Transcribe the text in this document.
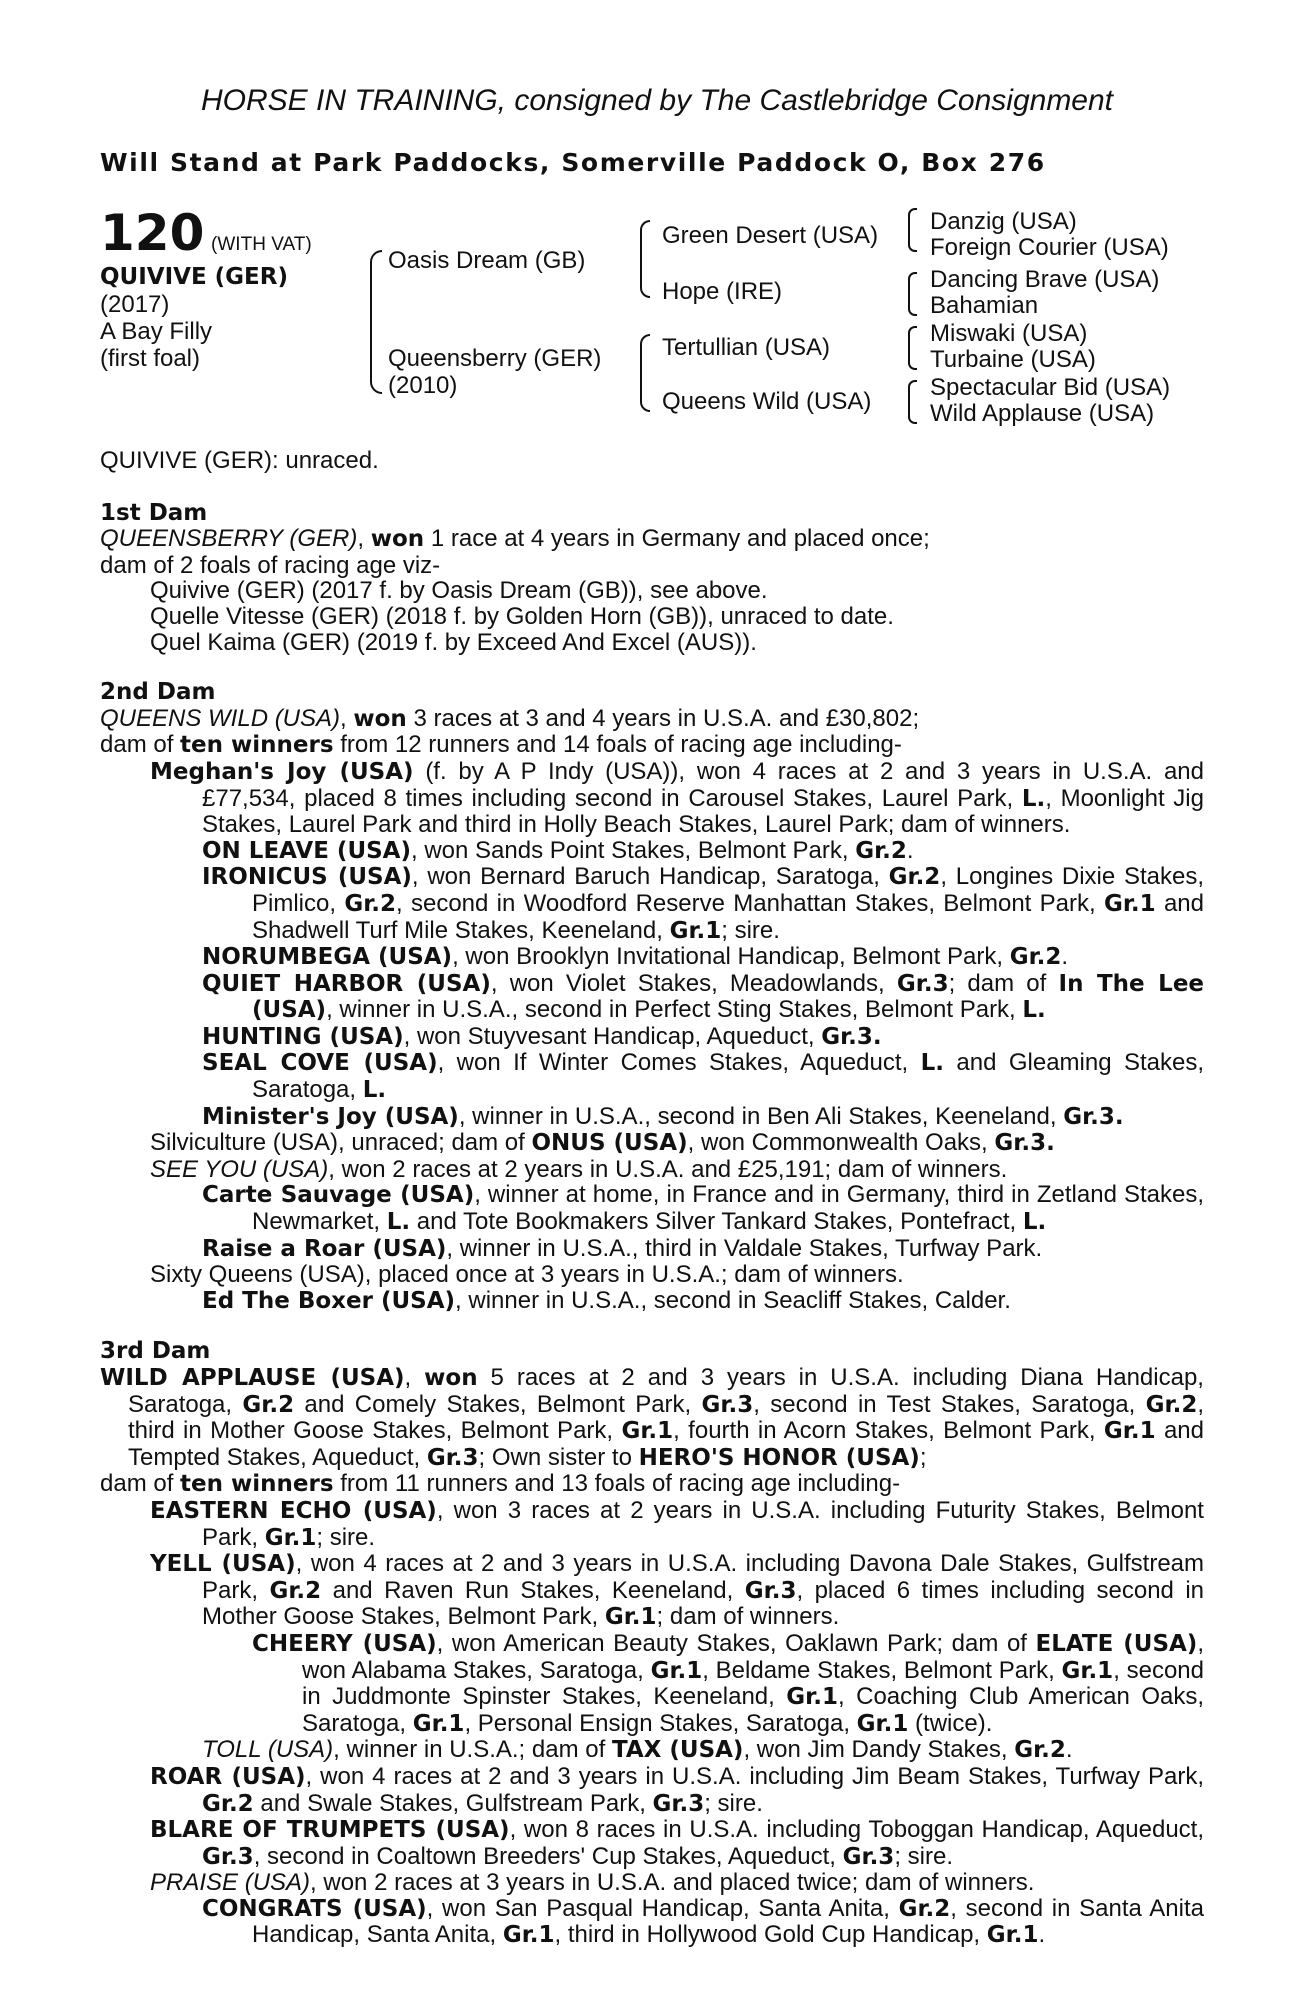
HORSE IN TRAINING, consigned by The Castlebridge Consignment
Will Stand at Park Paddocks, Somerville Paddock O, Box 276
120 (WITH VAT)
QUIVIVE (GER)
(2017)
A Bay Filly
(first foal)
Oasis Dream (GB)
Queensberry (GER)
(2010)
Green Desert (USA)
Hope (IRE)
Tertullian (USA)
Queens Wild (USA)
Danzig (USA)
Foreign Courier (USA)
Dancing Brave (USA)
Bahamian
Miswaki (USA)
Turbaine (USA)
Spectacular Bid (USA)
Wild Applause (USA)

QUIVIVE (GER): unraced.

1st Dam

QUEENSBERRY (GER), won 1 race at 4 years in Germany and placed once;

dam of 2 foals of racing age viz-

Quivive (GER) (2017 f. by Oasis Dream (GB)), see above.

Quelle Vitesse (GER) (2018 f. by Golden Horn (GB)), unraced to date.

Quel Kaima (GER) (2019 f. by Exceed And Excel (AUS)).

2nd Dam

QUEENS WILD (USA), won 3 races at 3 and 4 years in U.S.A. and £30,802;

dam of ten winners from 12 runners and 14 foals of racing age including-

Meghan's Joy (USA) (f. by A P Indy (USA)), won 4 races at 2 and 3 years in U.S.A. and £77,534, placed 8 times including second in Carousel Stakes, Laurel Park, L., Moonlight Jig Stakes, Laurel Park and third in Holly Beach Stakes, Laurel Park; dam of winners.

ON LEAVE (USA), won Sands Point Stakes, Belmont Park, Gr.2.

IRONICUS (USA), won Bernard Baruch Handicap, Saratoga, Gr.2, Longines Dixie Stakes, Pimlico, Gr.2, second in Woodford Reserve Manhattan Stakes, Belmont Park, Gr.1 and Shadwell Turf Mile Stakes, Keeneland, Gr.1; sire.

NORUMBEGA (USA), won Brooklyn Invitational Handicap, Belmont Park, Gr.2.

QUIET HARBOR (USA), won Violet Stakes, Meadowlands, Gr.3; dam of In The Lee (USA), winner in U.S.A., second in Perfect Sting Stakes, Belmont Park, L.

HUNTING (USA), won Stuyvesant Handicap, Aqueduct, Gr.3.

SEAL COVE (USA), won If Winter Comes Stakes, Aqueduct, L. and Gleaming Stakes, Saratoga, L.

Minister's Joy (USA), winner in U.S.A., second in Ben Ali Stakes, Keeneland, Gr.3.

Silviculture (USA), unraced; dam of ONUS (USA), won Commonwealth Oaks, Gr.3.

SEE YOU (USA), won 2 races at 2 years in U.S.A. and £25,191; dam of winners.

Carte Sauvage (USA), winner at home, in France and in Germany, third in Zetland Stakes, Newmarket, L. and Tote Bookmakers Silver Tankard Stakes, Pontefract, L.

Raise a Roar (USA), winner in U.S.A., third in Valdale Stakes, Turfway Park.

Sixty Queens (USA), placed once at 3 years in U.S.A.; dam of winners.

Ed The Boxer (USA), winner in U.S.A., second in Seacliff Stakes, Calder.

3rd Dam

WILD APPLAUSE (USA), won 5 races at 2 and 3 years in U.S.A. including Diana Handicap, Saratoga, Gr.2 and Comely Stakes, Belmont Park, Gr.3, second in Test Stakes, Saratoga, Gr.2, third in Mother Goose Stakes, Belmont Park, Gr.1, fourth in Acorn Stakes, Belmont Park, Gr.1 and Tempted Stakes, Aqueduct, Gr.3; Own sister to HERO'S HONOR (USA);

dam of ten winners from 11 runners and 13 foals of racing age including-

EASTERN ECHO (USA), won 3 races at 2 years in U.S.A. including Futurity Stakes, Belmont Park, Gr.1; sire.

YELL (USA), won 4 races at 2 and 3 years in U.S.A. including Davona Dale Stakes, Gulfstream Park, Gr.2 and Raven Run Stakes, Keeneland, Gr.3, placed 6 times including second in Mother Goose Stakes, Belmont Park, Gr.1; dam of winners.

CHEERY (USA), won American Beauty Stakes, Oaklawn Park; dam of ELATE (USA), won Alabama Stakes, Saratoga, Gr.1, Beldame Stakes, Belmont Park, Gr.1, second in Juddmonte Spinster Stakes, Keeneland, Gr.1, Coaching Club American Oaks, Saratoga, Gr.1, Personal Ensign Stakes, Saratoga, Gr.1 (twice).

TOLL (USA), winner in U.S.A.; dam of TAX (USA), won Jim Dandy Stakes, Gr.2.

ROAR (USA), won 4 races at 2 and 3 years in U.S.A. including Jim Beam Stakes, Turfway Park, Gr.2 and Swale Stakes, Gulfstream Park, Gr.3; sire.

BLARE OF TRUMPETS (USA), won 8 races in U.S.A. including Toboggan Handicap, Aqueduct, Gr.3, second in Coaltown Breeders' Cup Stakes, Aqueduct, Gr.3; sire.

PRAISE (USA), won 2 races at 3 years in U.S.A. and placed twice; dam of winners.

CONGRATS (USA), won San Pasqual Handicap, Santa Anita, Gr.2, second in Santa Anita Handicap, Santa Anita, Gr.1, third in Hollywood Gold Cup Handicap, Gr.1.
